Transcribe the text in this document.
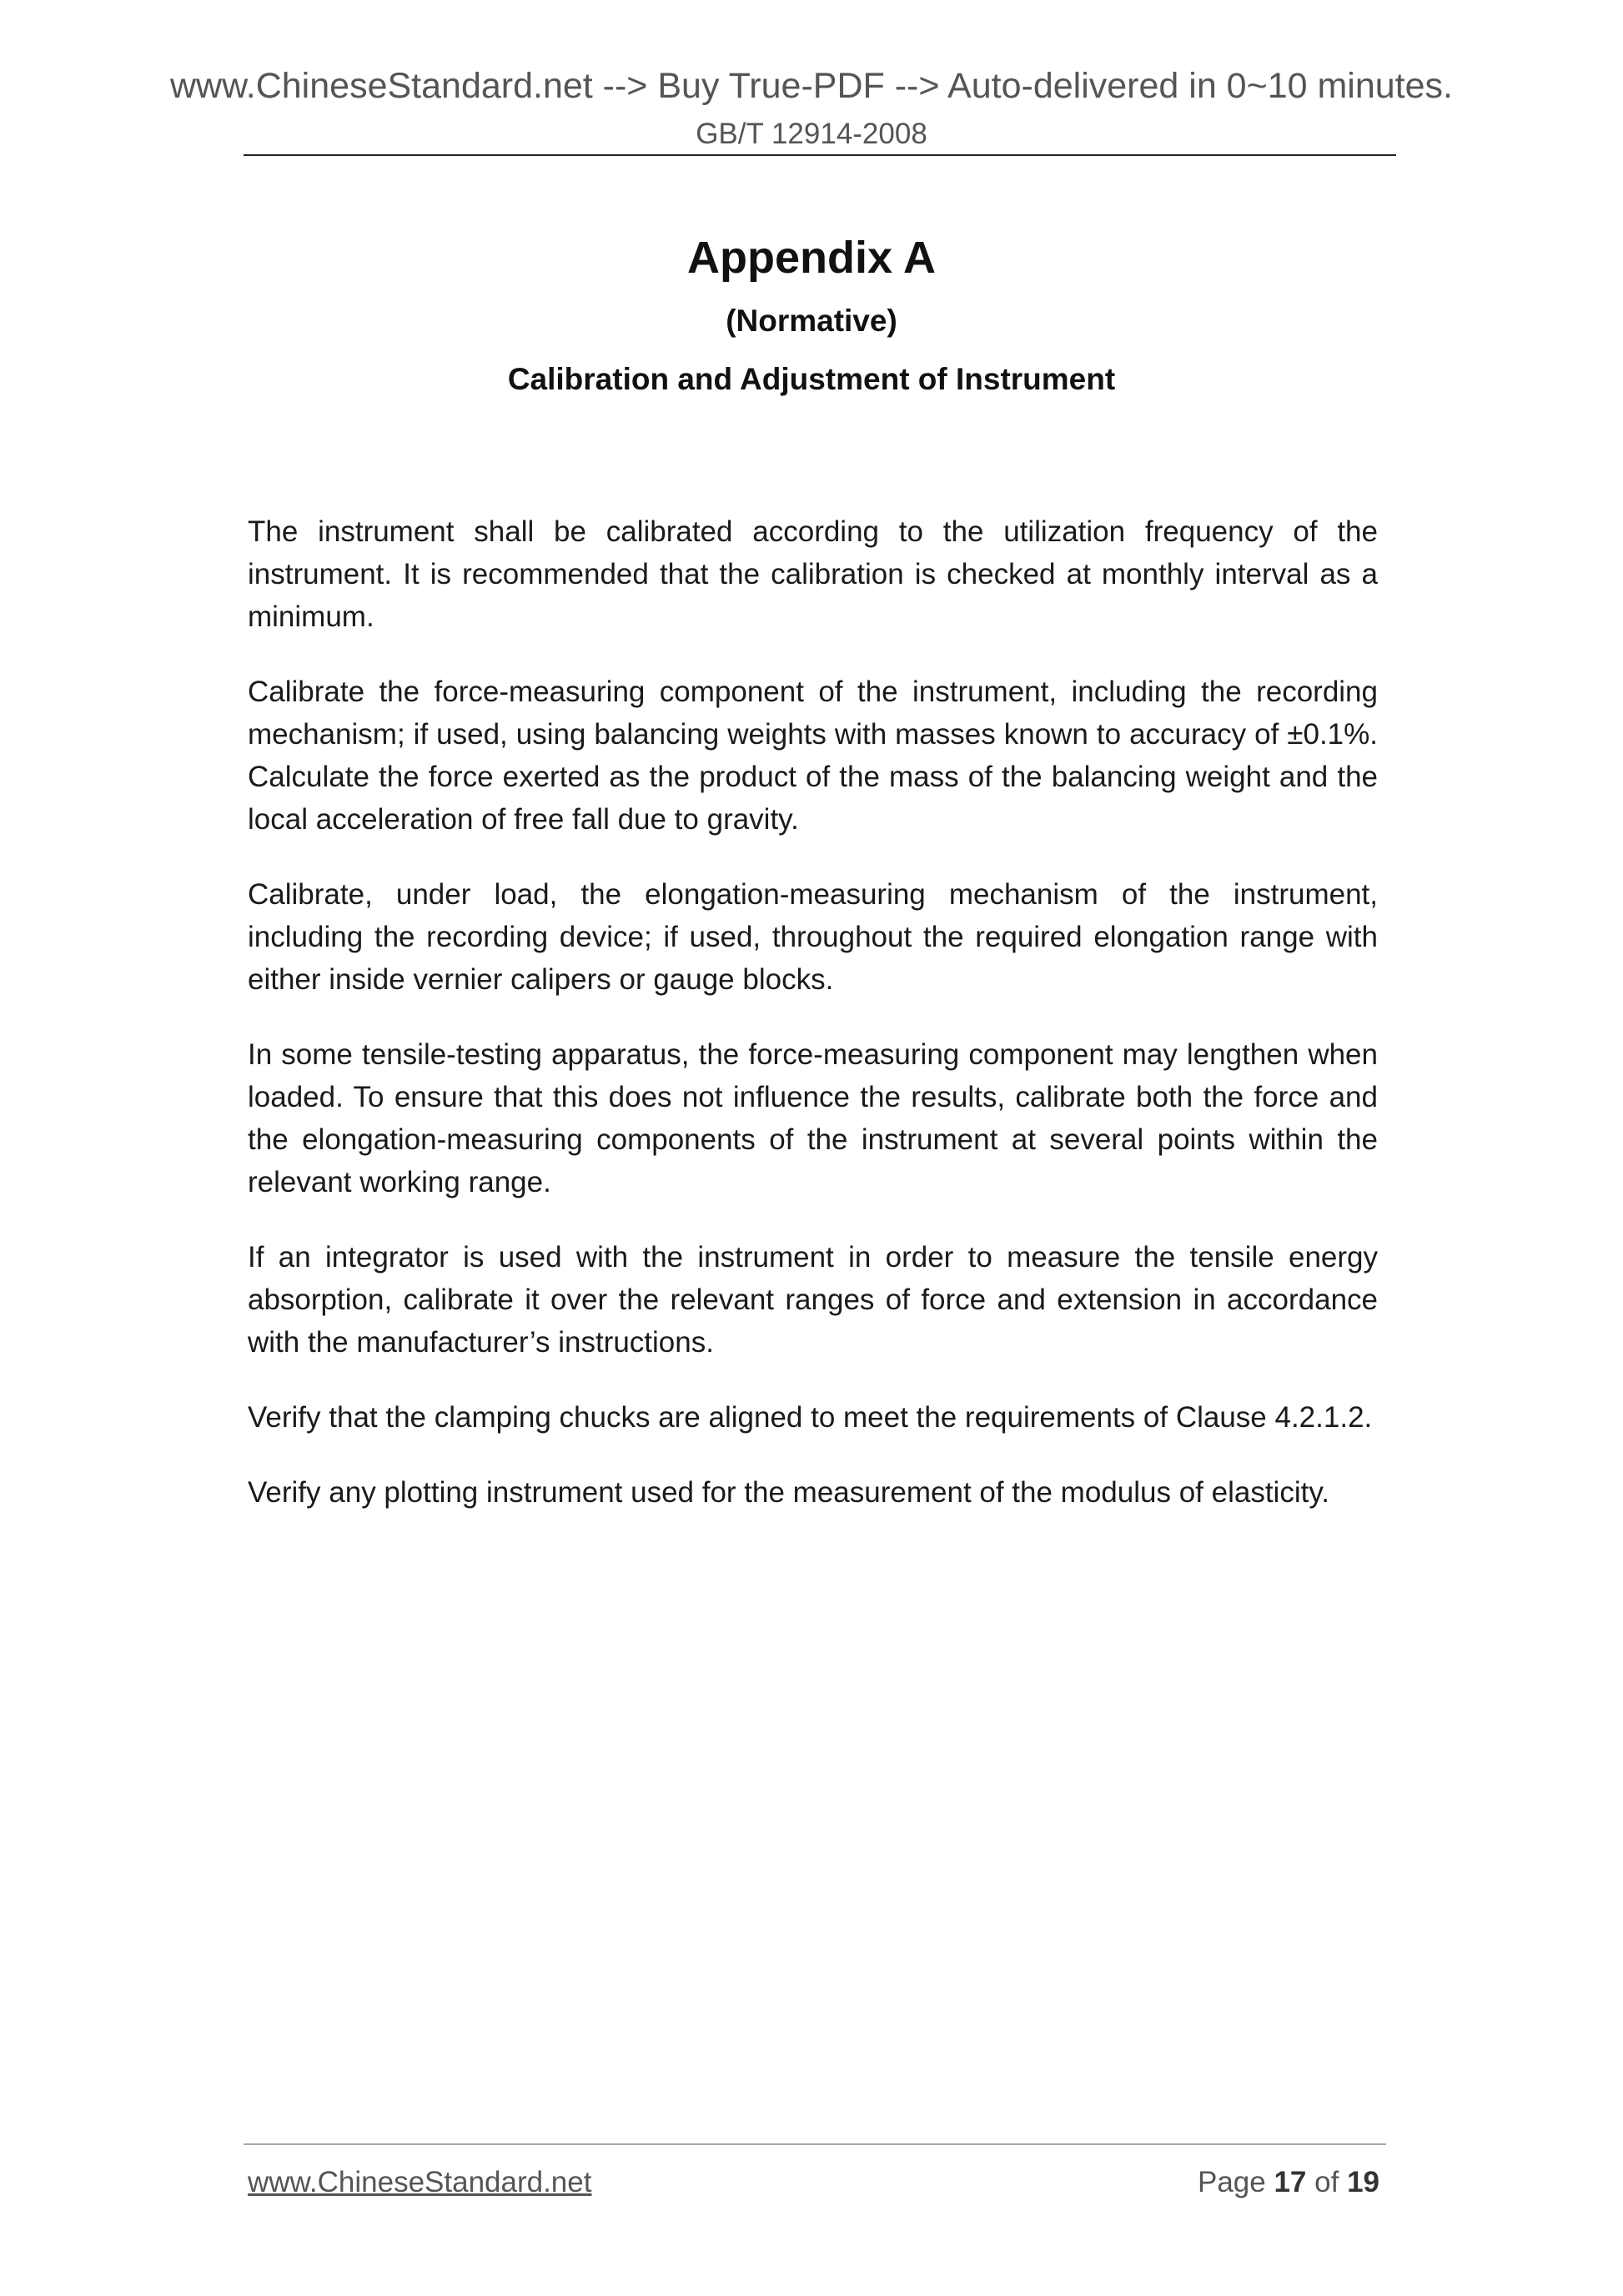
www.ChineseStandard.net --> Buy True-PDF --> Auto-delivered in 0~10 minutes.
GB/T 12914-2008
Appendix A
(Normative)
Calibration and Adjustment of Instrument

The instrument shall be calibrated according to the utilization frequency of the instrument. It is recommended that the calibration is checked at monthly interval as a minimum.

Calibrate the force-measuring component of the instrument, including the recording mechanism; if used, using balancing weights with masses known to accuracy of ±0.1%. Calculate the force exerted as the product of the mass of the balancing weight and the local acceleration of free fall due to gravity.

Calibrate, under load, the elongation-measuring mechanism of the instrument, including the recording device; if used, throughout the required elongation range with either inside vernier calipers or gauge blocks.

In some tensile-testing apparatus, the force-measuring component may lengthen when loaded. To ensure that this does not influence the results, calibrate both the force and the elongation-measuring components of the instrument at several points within the relevant working range.

If an integrator is used with the instrument in order to measure the tensile energy absorption, calibrate it over the relevant ranges of force and extension in accordance with the manufacturer’s instructions.

Verify that the clamping chucks are aligned to meet the requirements of Clause 4.2.1.2.

Verify any plotting instrument used for the measurement of the modulus of elasticity.

www.ChineseStandard.net	Page 17 of 19
